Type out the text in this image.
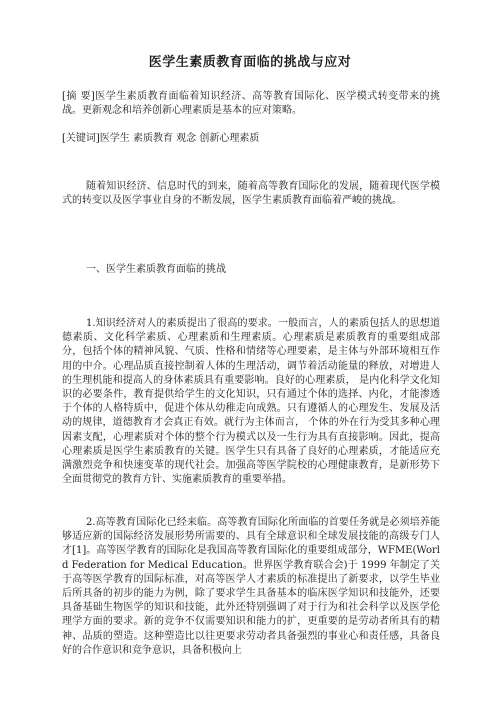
医学生素质教育面临的挑战与应对

[摘 要]医学生素质教育面临着知识经济、高等教育国际化、医学模式转变带来的挑战。更新观念和培养创新心理素质是基本的应对策略。

[关键词]医学生 素质教育 观念 创新心理素质

随着知识经济、信息时代的到来，随着高等教育国际化的发展，随着现代医学模式的转变以及医学事业自身的不断发展，医学生素质教育面临着严峻的挑战。

一、医学生素质教育面临的挑战

1.知识经济对人的素质提出了很高的要求。一般而言，人的素质包括人的思想道德素质、文化科学素质、心理素质和生理素质。心理素质是素质教育的重要组成部分，包括个体的精神风貌、气质、性格和情绪等心理要素，是主体与外部环境相互作用的中介。心理品质直接控制着人体的生理活动，调节着活动能量的释放，对增进人的生理机能和提高人的身体素质具有重要影响。良好的心理素质， 是内化科学文化知识的必要条件，教育提供给学生的文化知识，只有通过个体的选择、内化，才能渗透于个体的人格特质中，促进个体从幼稚走向成熟。只有遵循人的心理发生、发展及活动的规律，道德教育才会真正有效。就行为主体而言， 个体的外在行为受其多种心理因素支配，心理素质对个体的整个行为模式以及一生行为具有直接影响。因此，提高心理素质是医学生素质教育的关键。医学生只有具备了良好的心理素质，才能适应充满激烈竞争和快速变革的现代社会。加强高等医学院校的心理健康教育，是新形势下全面贯彻党的教育方针、实施素质教育的重要举措。

2.高等教育国际化已经来临。高等教育国际化所面临的首要任务就是必须培养能够适应新的国际经济发展形势所需要的、具有全球意识和全球发展技能的高级专门人才[1]。高等医学教育的国际化是我国高等教育国际化的重要组成部分，WFME(World Federation for Medical Education。世界医学教育联合会)于 1999 年制定了关于高等医学教育的国际标准，对高等医学人才素质的标准提出了新要求，以学生毕业后所具备的初步的能力为例，除了要求学生具备基本的临床医学知识和技能外，还要具备基础生物医学的知识和技能，此外还特别强调了对于行为和社会科学以及医学伦理学方面的要求。新的竞争不仅需要知识和能力的扩，更重要的是劳动者所具有的精神、品质的塑造。这种塑造比以往更要求劳动者具备强烈的事业心和责任感，具备良好的合作意识和竞争意识，具备积极向上
